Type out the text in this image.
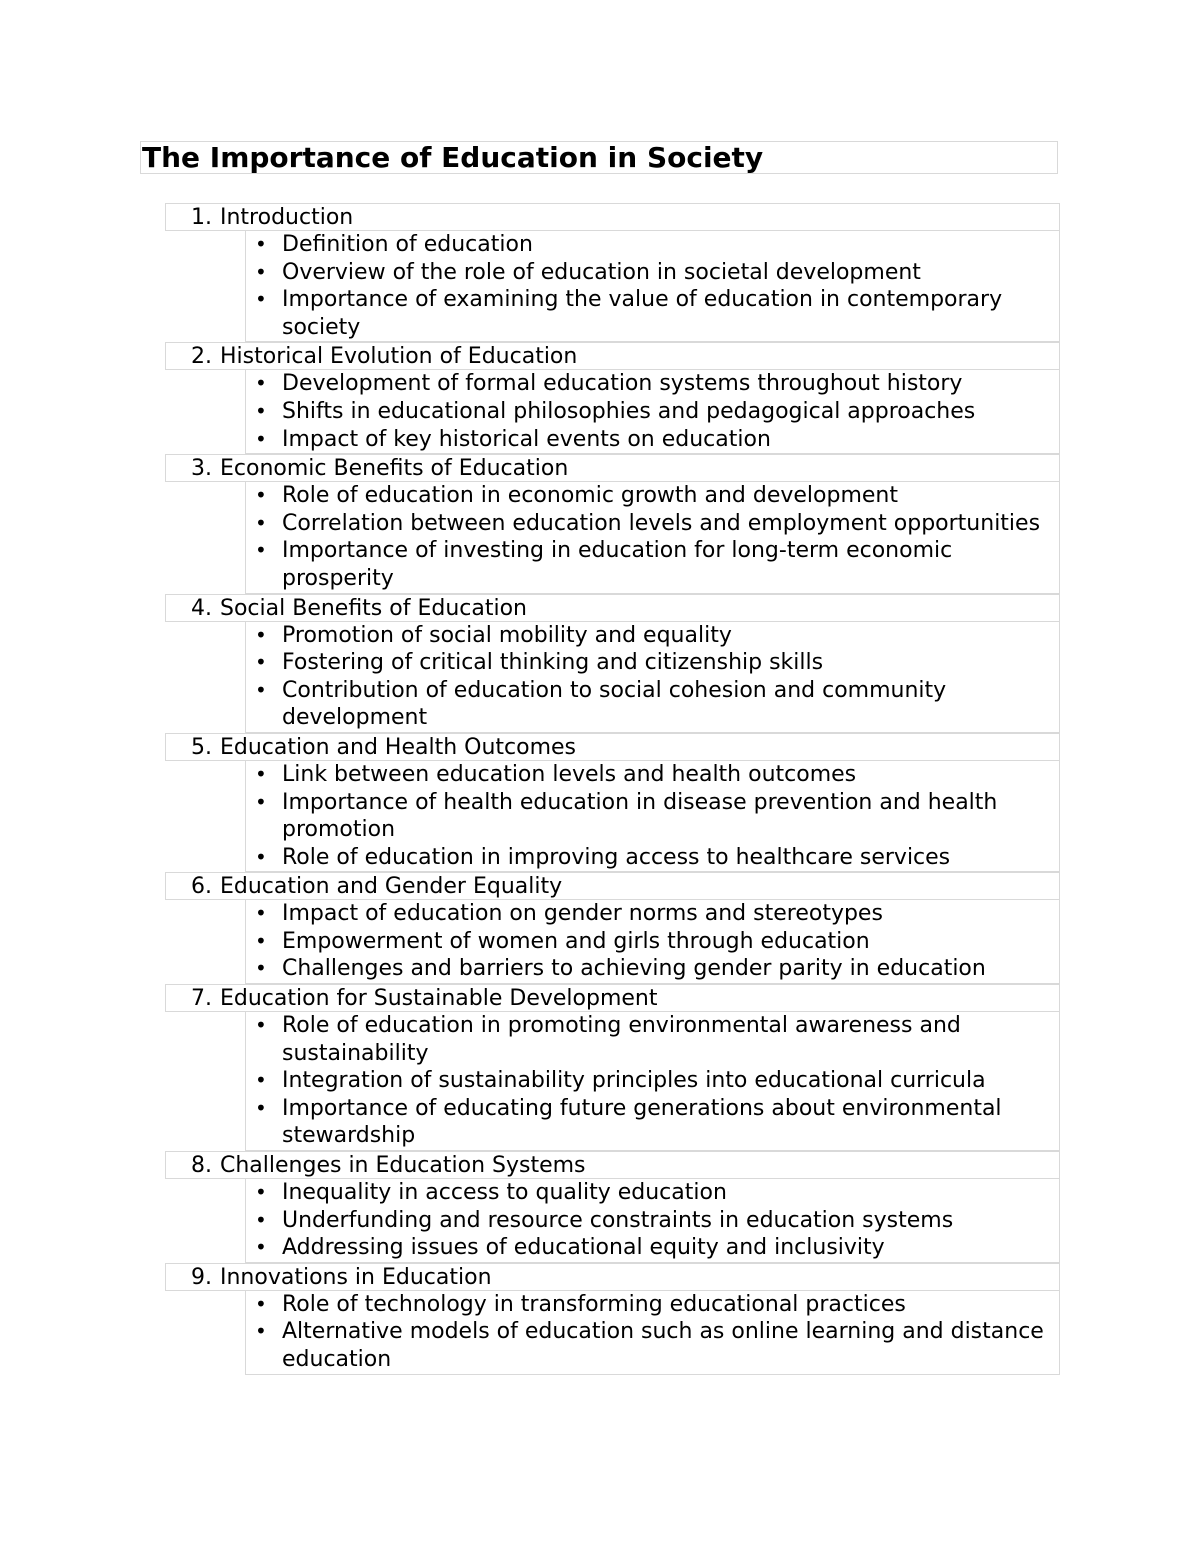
The Importance of Education in Society
1. Introduction
• Definition of education
• Overview of the role of education in societal development
• Importance of examining the value of education in contemporary society
2. Historical Evolution of Education
• Development of formal education systems throughout history
• Shifts in educational philosophies and pedagogical approaches
• Impact of key historical events on education
3. Economic Benefits of Education
• Role of education in economic growth and development
• Correlation between education levels and employment opportunities
• Importance of investing in education for long-term economic prosperity
4. Social Benefits of Education
• Promotion of social mobility and equality
• Fostering of critical thinking and citizenship skills
• Contribution of education to social cohesion and community development
5. Education and Health Outcomes
• Link between education levels and health outcomes
• Importance of health education in disease prevention and health promotion
• Role of education in improving access to healthcare services
6. Education and Gender Equality
• Impact of education on gender norms and stereotypes
• Empowerment of women and girls through education
• Challenges and barriers to achieving gender parity in education
7. Education for Sustainable Development
• Role of education in promoting environmental awareness and sustainability
• Integration of sustainability principles into educational curricula
• Importance of educating future generations about environmental stewardship
8. Challenges in Education Systems
• Inequality in access to quality education
• Underfunding and resource constraints in education systems
• Addressing issues of educational equity and inclusivity
9. Innovations in Education
• Role of technology in transforming educational practices
• Alternative models of education such as online learning and distance education
